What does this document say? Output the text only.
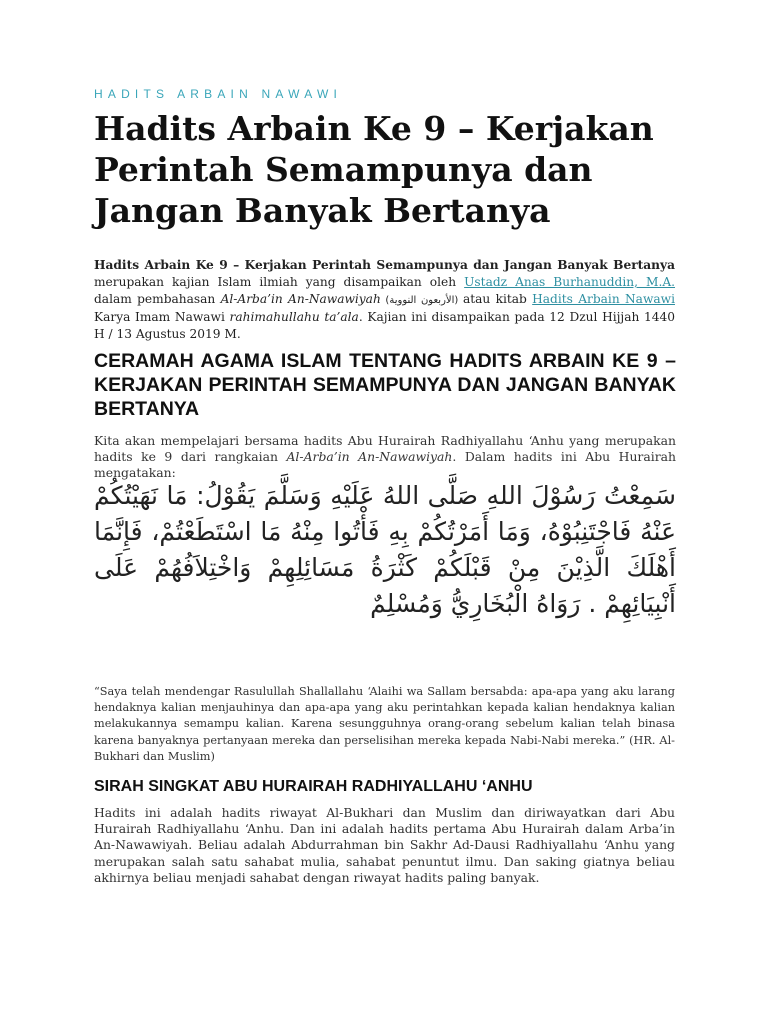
HADITS ARBAIN NAWAWI
Hadits Arbain Ke 9 – Kerjakan Perintah Semampunya dan Jangan Banyak Bertanya

Hadits Arbain Ke 9 – Kerjakan Perintah Semampunya dan Jangan Banyak Bertanya merupakan kajian Islam ilmiah yang disampaikan oleh Ustadz Anas Burhanuddin, M.A. dalam pembahasan Al-Arba’in An-Nawawiyah (الأربعون النووية) atau kitab Hadits Arbain Nawawi Karya Imam Nawawi rahimahullahu ta’ala. Kajian ini disampaikan pada 12 Dzul Hijjah 1440 H / 13 Agustus 2019 M.

CERAMAH AGAMA ISLAM TENTANG HADITS ARBAIN KE 9 – KERJAKAN PERINTAH SEMAMPUNYA DAN JANGAN BANYAK BERTANYA

Kita akan mempelajari bersama hadits Abu Hurairah Radhiyallahu ‘Anhu yang merupakan hadits ke 9 dari rangkaian Al-Arba’in An-Nawawiyah. Dalam hadits ini Abu Hurairah mengatakan:

سَمِعْتُ رَسُوْلَ اللهِ صَلَّى اللهُ عَلَيْهِ وَسَلَّمَ يَقُوْلُ: مَا نَهَيْتُكُمْ عَنْهُ فَاجْتَنِبُوْهُ، وَمَا أَمَرْتُكُمْ بِهِ فَأْتُوا مِنْهُ مَا اسْتَطَعْتُمْ، فَإِنَّمَا أَهْلَكَ الَّذِيْنَ مِنْ قَبْلَكُمْ كَثْرَةُ مَسَائِلِهِمْ وَاخْتِلاَفُهُمْ عَلَى أَنْبِيَائِهِمْ . رَوَاهُ الْبُخَارِيُّ وَمُسْلِمٌ

“Saya telah mendengar Rasulullah Shallallahu ‘Alaihi wa Sallam bersabda: apa-apa yang aku larang hendaknya kalian menjauhinya dan apa-apa yang aku perintahkan kepada kalian hendaknya kalian melakukannya semampu kalian. Karena sesungguhnya orang-orang sebelum kalian telah binasa karena banyaknya pertanyaan mereka dan perselisihan mereka kepada Nabi-Nabi mereka.” (HR. Al-Bukhari dan Muslim)

SIRAH SINGKAT ABU HURAIRAH RADHIYALLAHU ‘ANHU

Hadits ini adalah hadits riwayat Al-Bukhari dan Muslim dan diriwayatkan dari Abu Hurairah Radhiyallahu ‘Anhu. Dan ini adalah hadits pertama Abu Hurairah dalam Arba’in An-Nawawiyah. Beliau adalah Abdurrahman bin Sakhr Ad-Dausi Radhiyallahu ‘Anhu yang merupakan salah satu sahabat mulia, sahabat penuntut ilmu. Dan saking giatnya beliau akhirnya beliau menjadi sahabat dengan riwayat hadits paling banyak.
